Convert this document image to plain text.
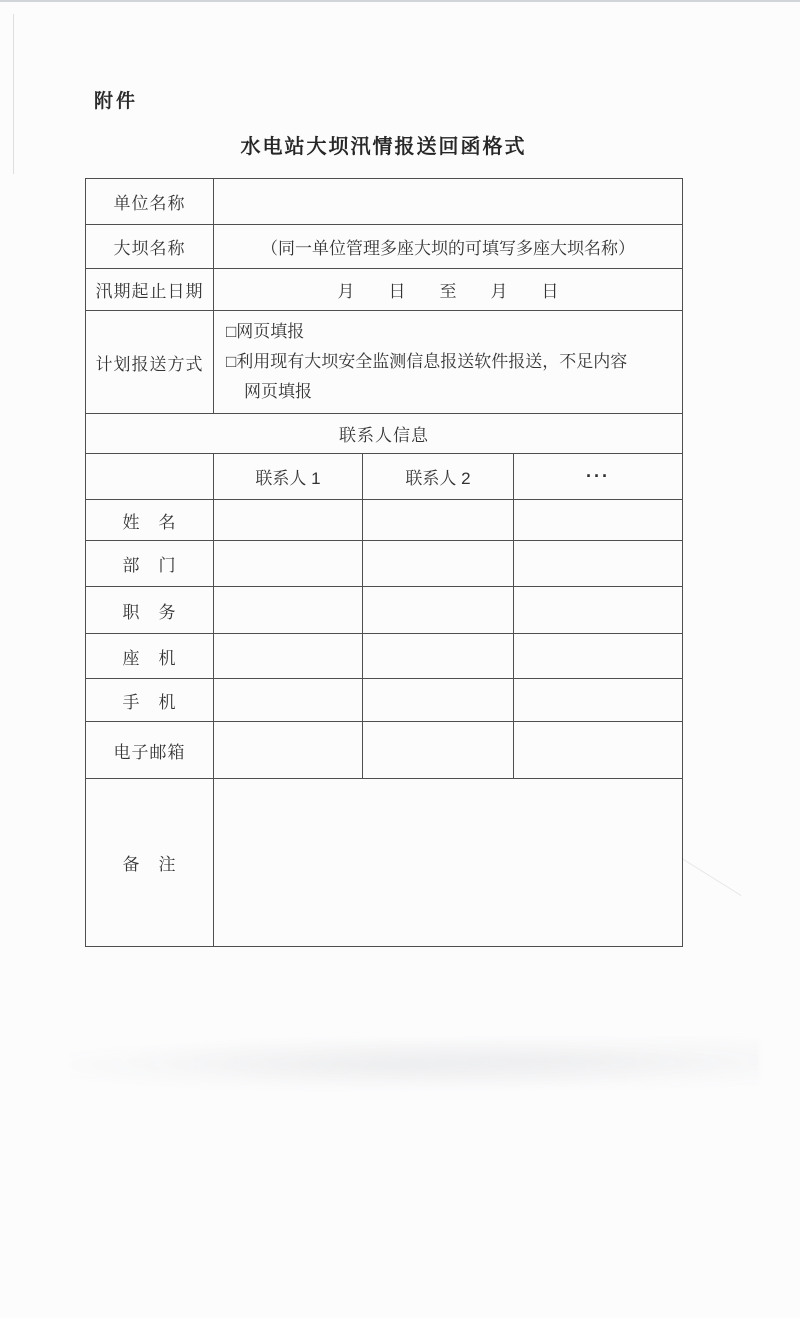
附件
水电站大坝汛情报送回函格式
单位名称			
大坝名称	（同一单位管理多座大坝的可填写多座大坝名称）		
汛期起止日期	月　　日　　至　　月　　日		
计划报送方式	□网页填报
□利用现有大坝安全监测信息报送软件报送，不足内容
网页填报		

联系人信息			
	联系人 1	联系人 2	···
姓　名			
部　门			
职　务			
座　机			
手　机			
电子邮箱			
备　注			
